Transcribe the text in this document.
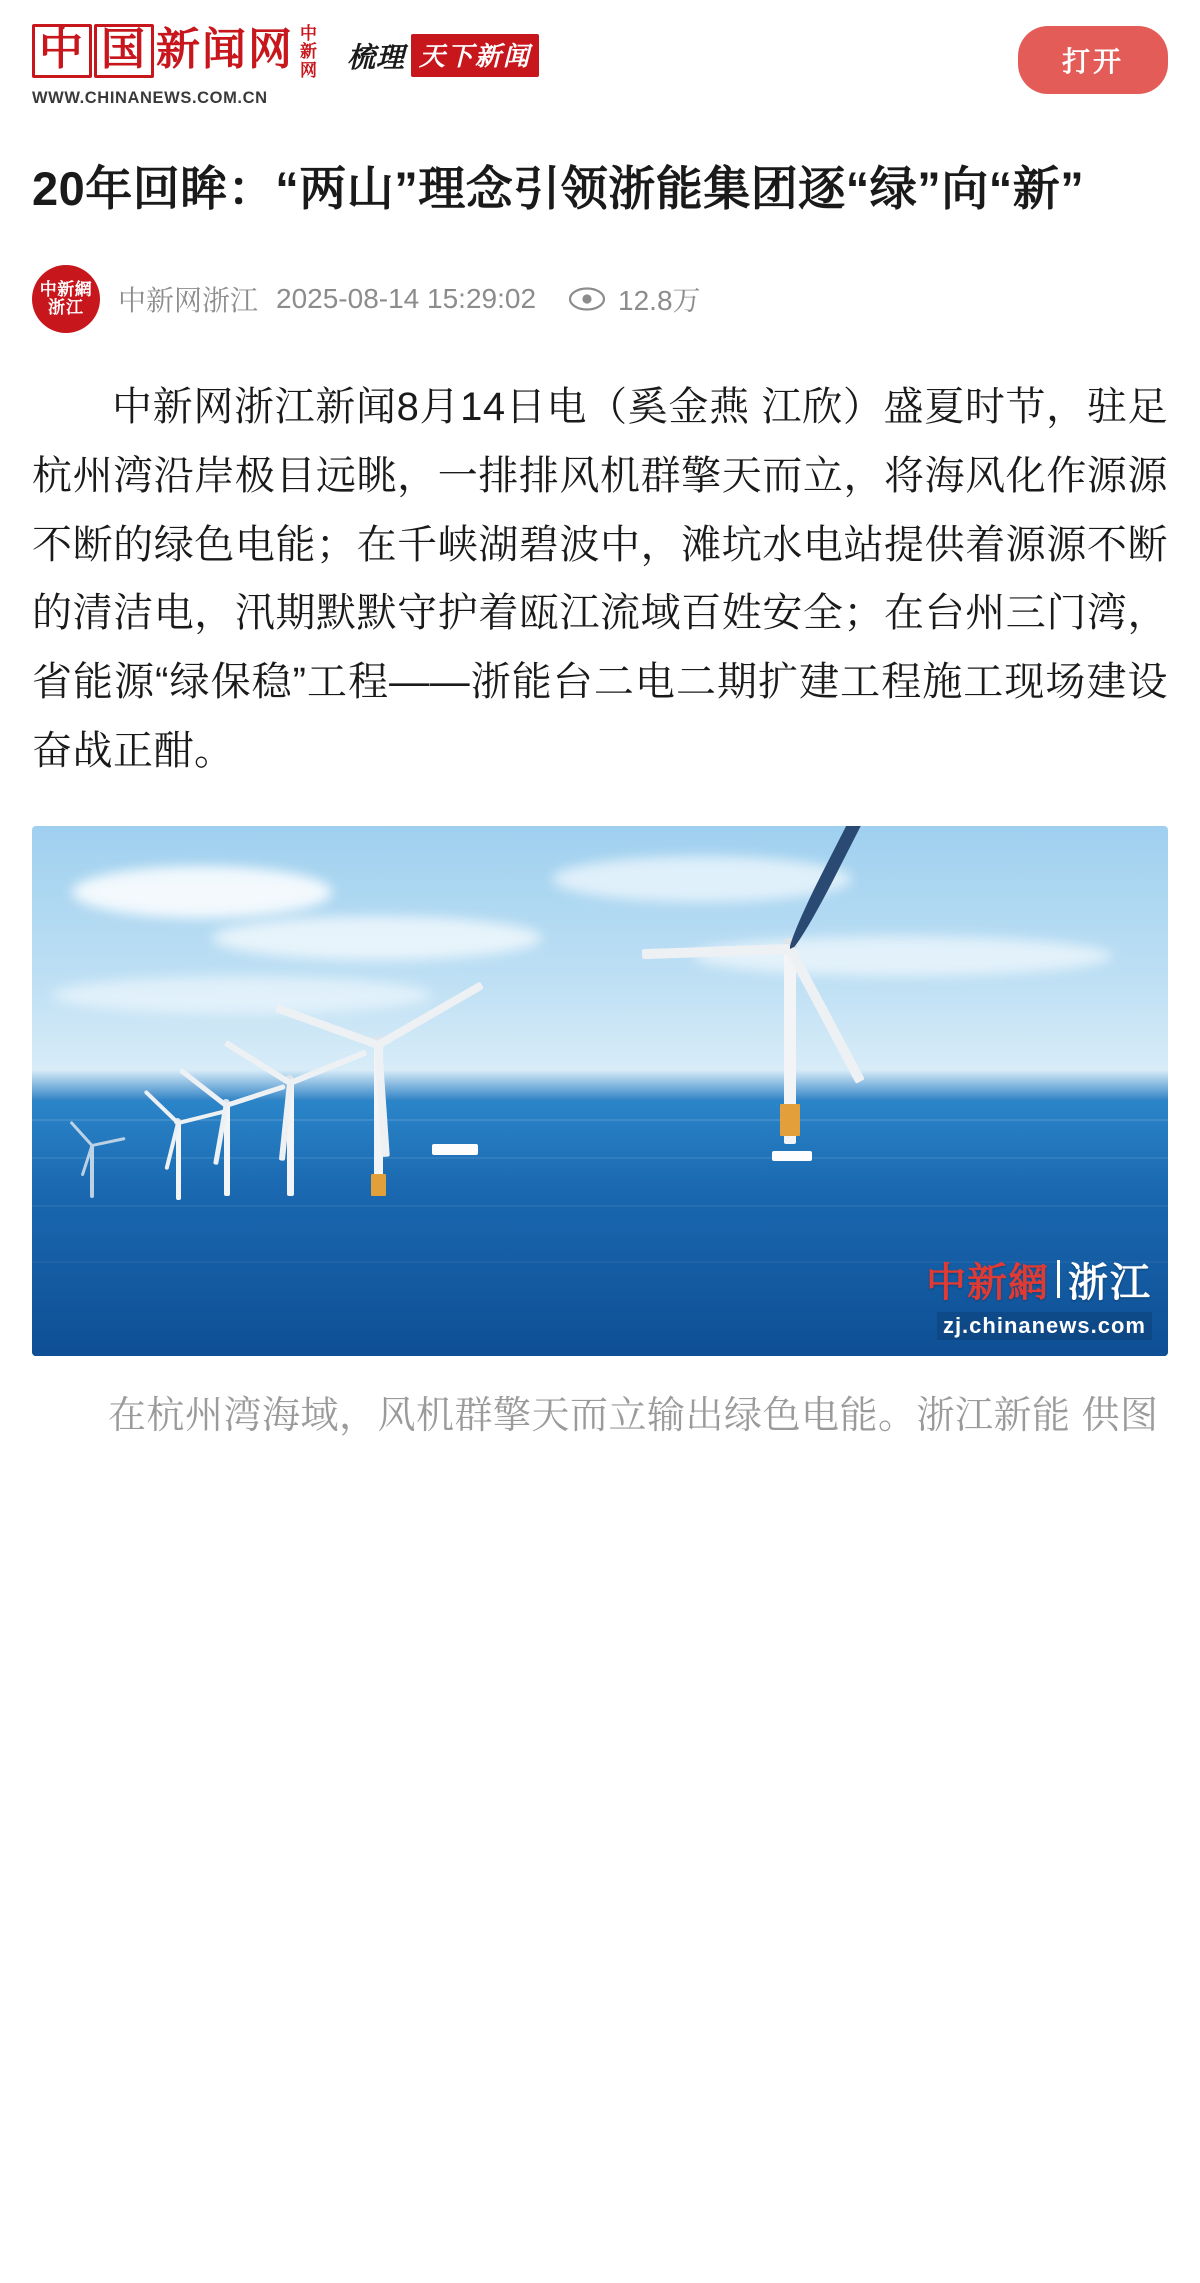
中 国 新闻网 中
新
网
WWW.CHINANEWS.COM.CN
梳理 天下新闻	打开
20年回眸：“两山”理念引领浙能集团逐“绿”向“新”
中新網
浙江 中新网浙江 2025-08-14 15:29:02	12.8万

中新网浙江新闻8月14日电（奚金燕 江欣）盛夏时节，驻足杭州湾沿岸极目远眺，一排排风机群擎天而立，将海风化作源源不断的绿色电能；在千峡湖碧波中，滩坑水电站提供着源源不断的清洁电，汛期默默守护着瓯江流域百姓安全；在台州三门湾，省能源“绿保稳”工程——浙能台二电二期扩建工程施工现场建设奋战正酣。

中新網 浙江
zj.chinanews.com
在杭州湾海域，风机群擎天而立输出绿色电能。浙江新能 供图
